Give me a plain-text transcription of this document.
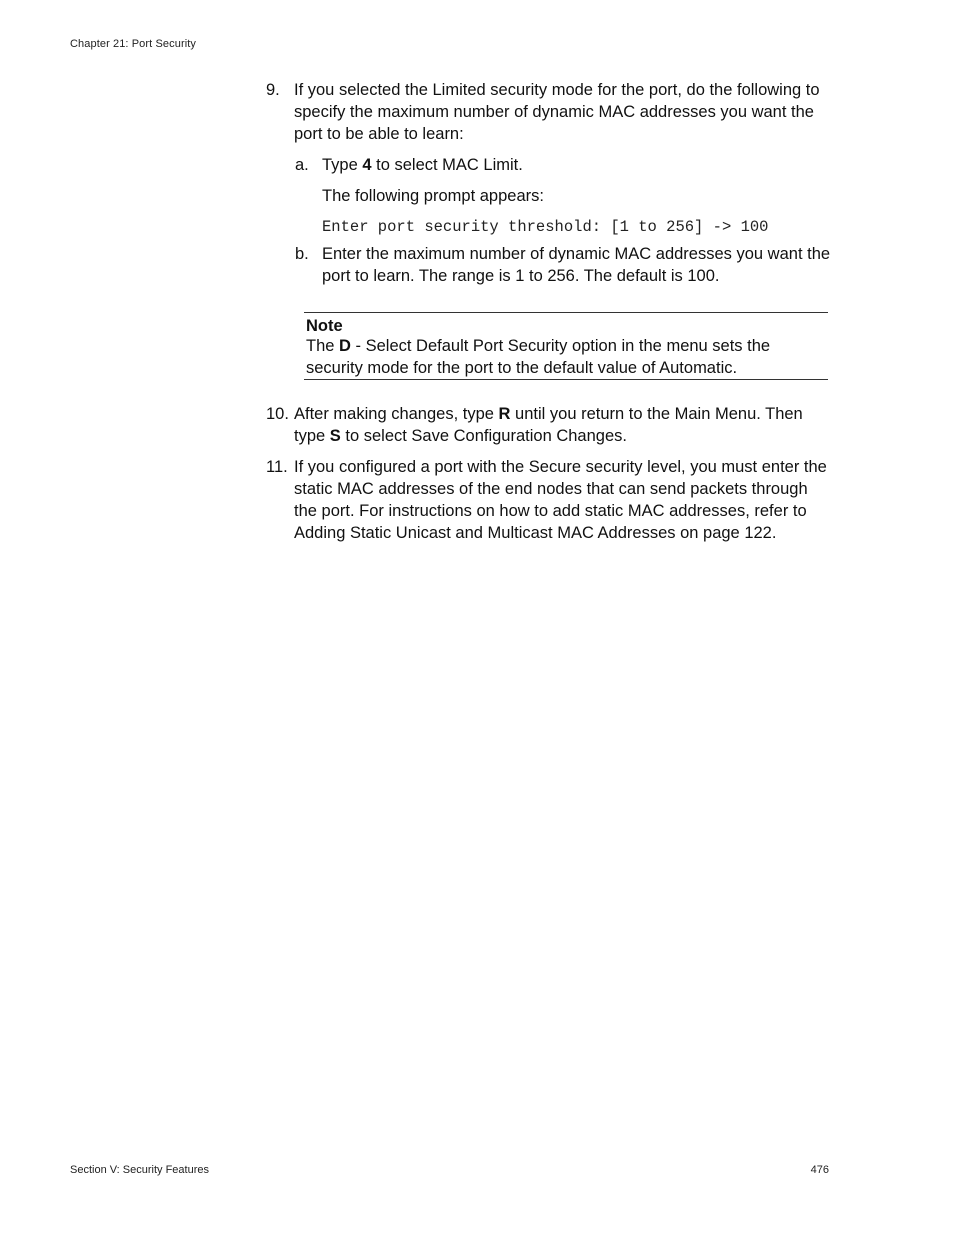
Chapter 21: Port Security
9. If you selected the Limited security mode for the port, do the following to specify the maximum number of dynamic MAC addresses you want the port to be able to learn:
a. Type 4 to select MAC Limit.
The following prompt appears:
Enter port security threshold: [1 to 256] -> 100
b. Enter the maximum number of dynamic MAC addresses you want the port to learn. The range is 1 to 256. The default is 100.
Note
The D - Select Default Port Security option in the menu sets the security mode for the port to the default value of Automatic.
10. After making changes, type R until you return to the Main Menu. Then type S to select Save Configuration Changes.
11. If you configured a port with the Secure security level, you must enter the static MAC addresses of the end nodes that can send packets through the port. For instructions on how to add static MAC addresses, refer to Adding Static Unicast and Multicast MAC Addresses on page 122.
Section V: Security Features	476
